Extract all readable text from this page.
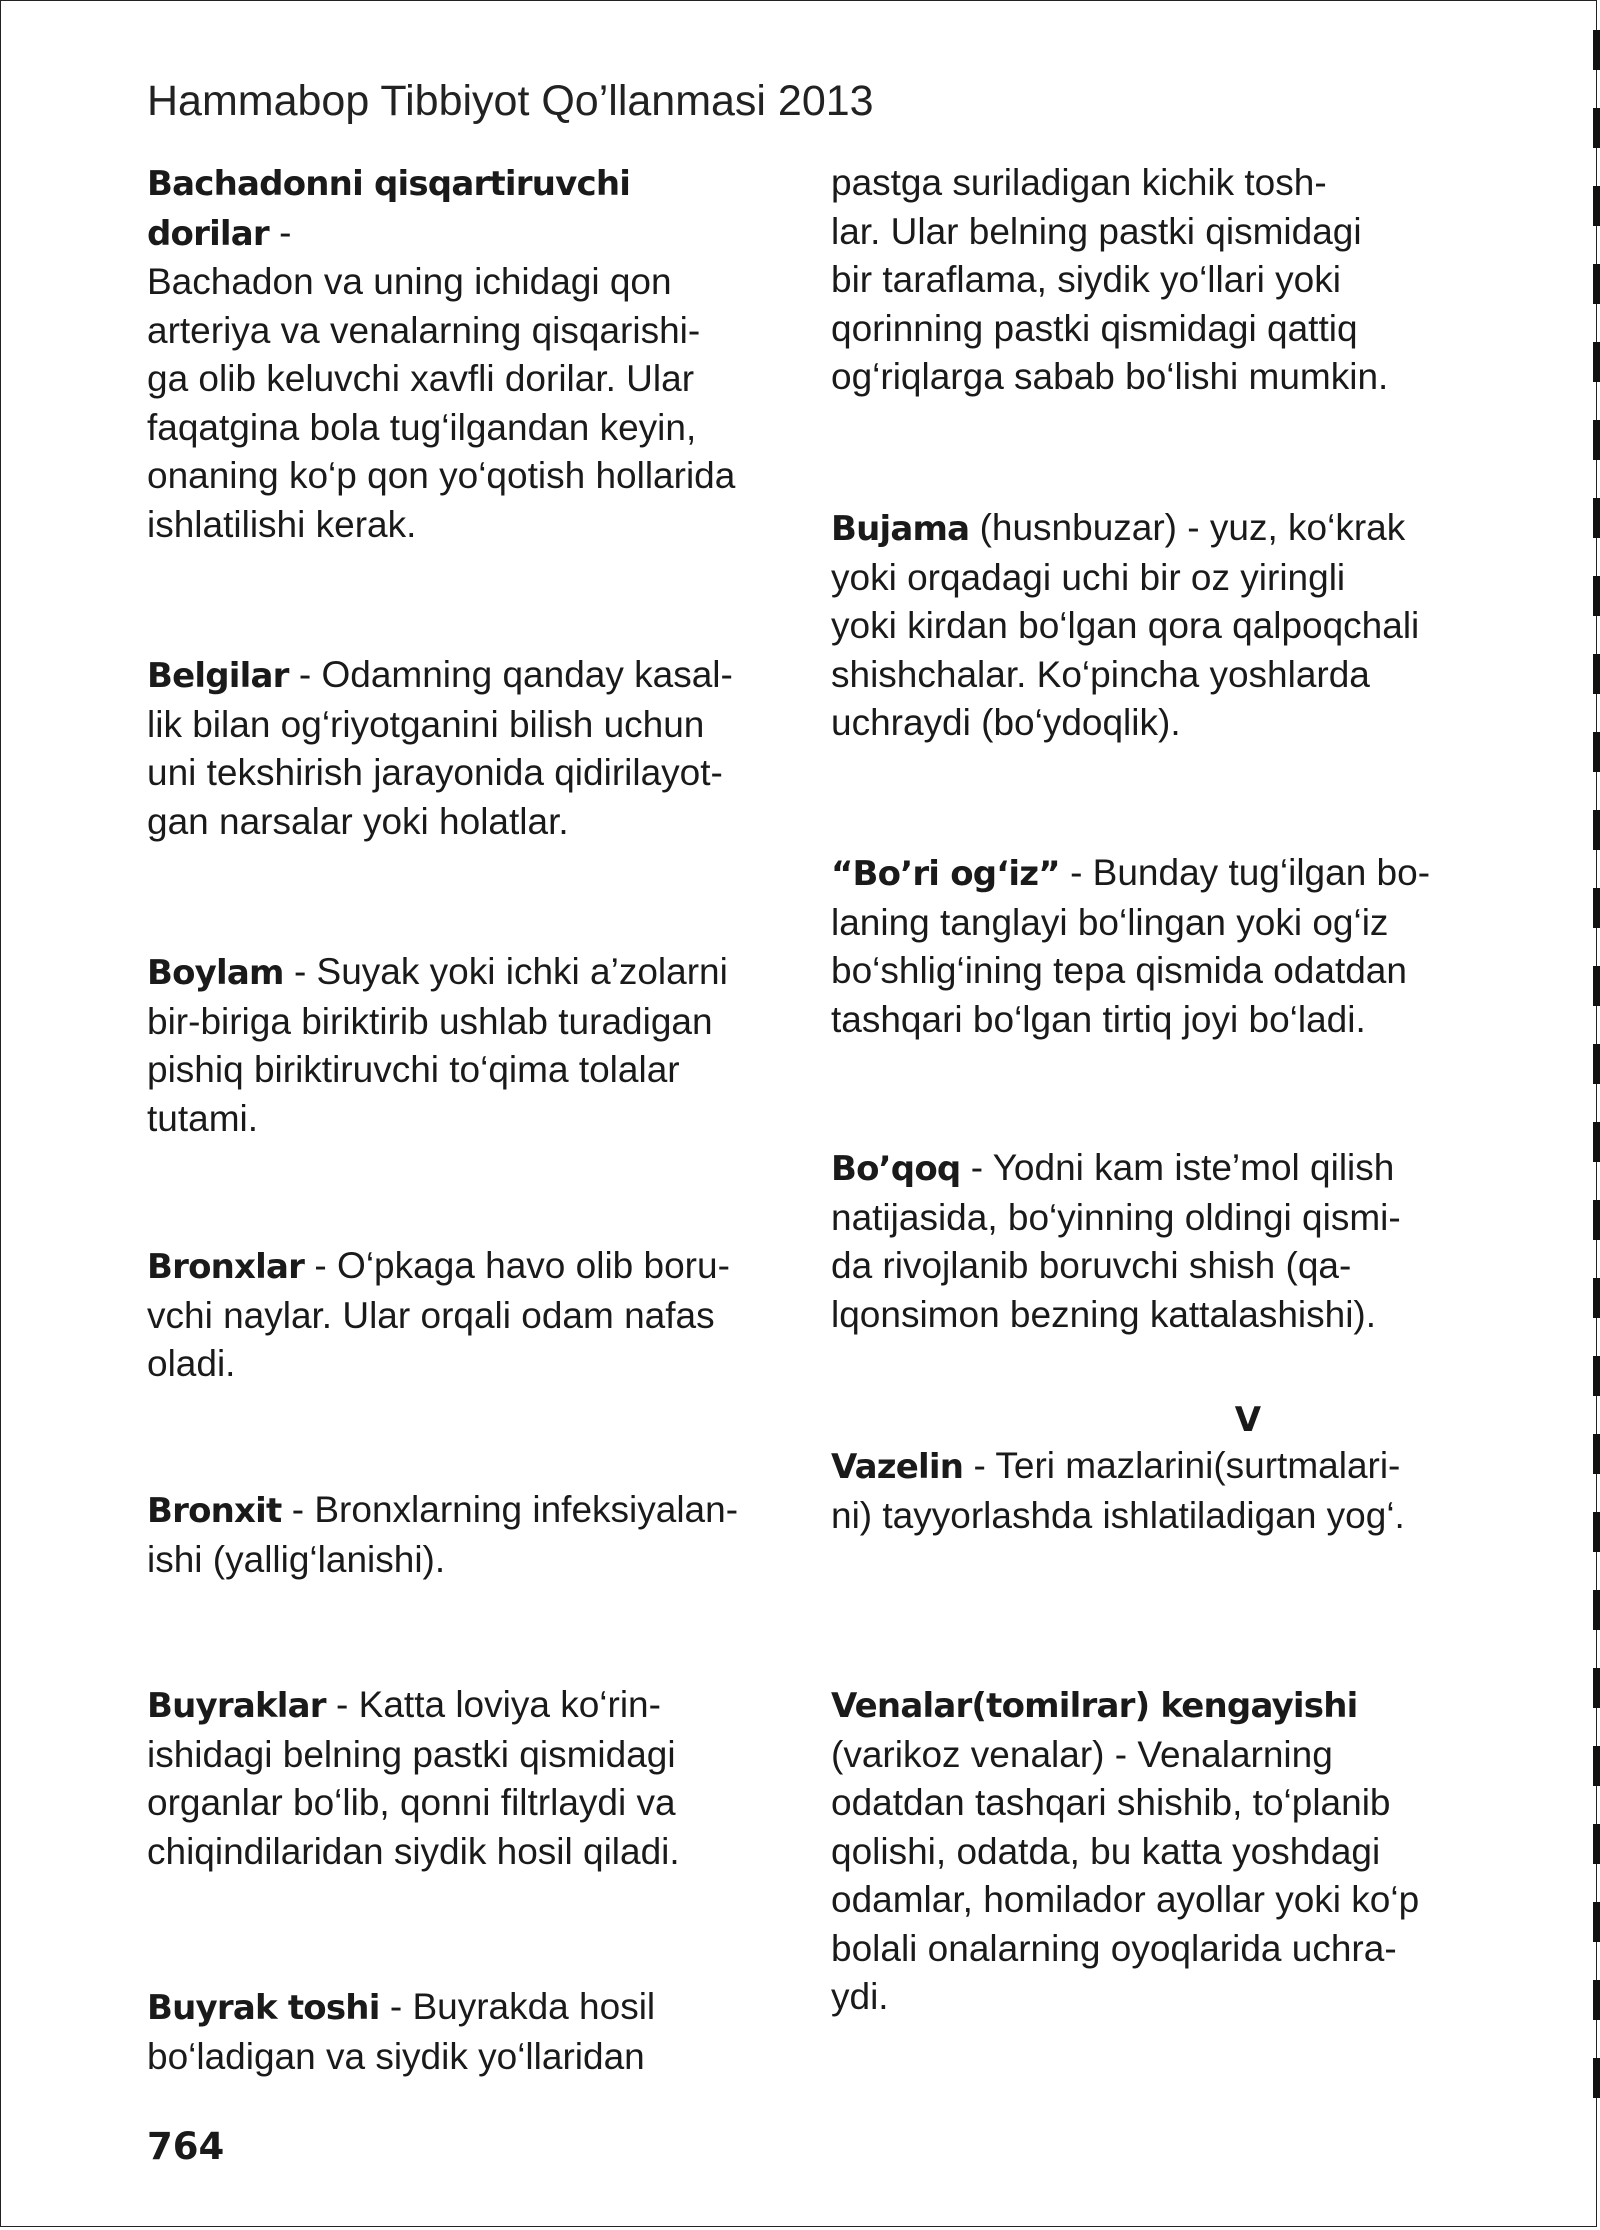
Hammabop Tibbiyot Qo’llanmasi 2013
Bachadonni qisqartiruvchi
dorilar -
Bachadon va uning ichidagi qon
arteriya va venalarning qisqarishi-
ga olib keluvchi xavfli dorilar. Ular
faqatgina bola tug‘ilgandan keyin,
onaning ko‘p qon yo‘qotish hollarida
ishlatilishi kerak.
Belgilar - Odamning qanday kasal-
lik bilan og‘riyotganini bilish uchun
uni tekshirish jarayonida qidirilayot-
gan narsalar yoki holatlar.
Boylam - Suyak yoki ichki a’zolarni
bir-biriga biriktirib ushlab turadigan
pishiq biriktiruvchi to‘qima tolalar
tutami.
Bronxlar - O‘pkaga havo olib boru-
vchi naylar. Ular orqali odam nafas
oladi.
Bronxit - Bronxlarning infeksiyalan-
ishi (yallig‘lanishi).
Buyraklar - Katta loviya ko‘rin-
ishidagi belning pastki qismidagi
organlar bo‘lib, qonni filtrlaydi va
chiqindilaridan siydik hosil qiladi.
Buyrak toshi - Buyrakda hosil
bo‘ladigan va siydik yo‘llaridan
pastga suriladigan kichik tosh-
lar. Ular belning pastki qismidagi
bir taraflama, siydik yo‘llari yoki
qorinning pastki qismidagi qattiq
og‘riqlarga sabab bo‘lishi mumkin.
Bujama (husnbuzar) - yuz, ko‘krak
yoki orqadagi uchi bir oz yiringli
yoki kirdan bo‘lgan qora qalpoqchali
shishchalar. Ko‘pincha yoshlarda
uchraydi (bo‘ydoqlik).
“Bo’ri og‘iz” - Bunday tug‘ilgan bo-
laning tanglayi bo‘lingan yoki og‘iz
bo‘shlig‘ining tepa qismida odatdan
tashqari bo‘lgan tirtiq joyi bo‘ladi.
Bo’qoq - Yodni kam iste’mol qilish
natijasida, bo‘yinning oldingi qismi-
da rivojlanib boruvchi shish (qa-
lqonsimon bezning kattalashishi).
V
Vazelin - Teri mazlarini(surtmalari-
ni) tayyorlashda ishlatiladigan yog‘.
Venalar(tomilrar) kengayishi
(varikoz venalar) - Venalarning
odatdan tashqari shishib, to‘planib
qolishi, odatda, bu katta yoshdagi
odamlar, homilador ayollar yoki ko‘p
bolali onalarning oyoqlarida uchra-
ydi.
764
